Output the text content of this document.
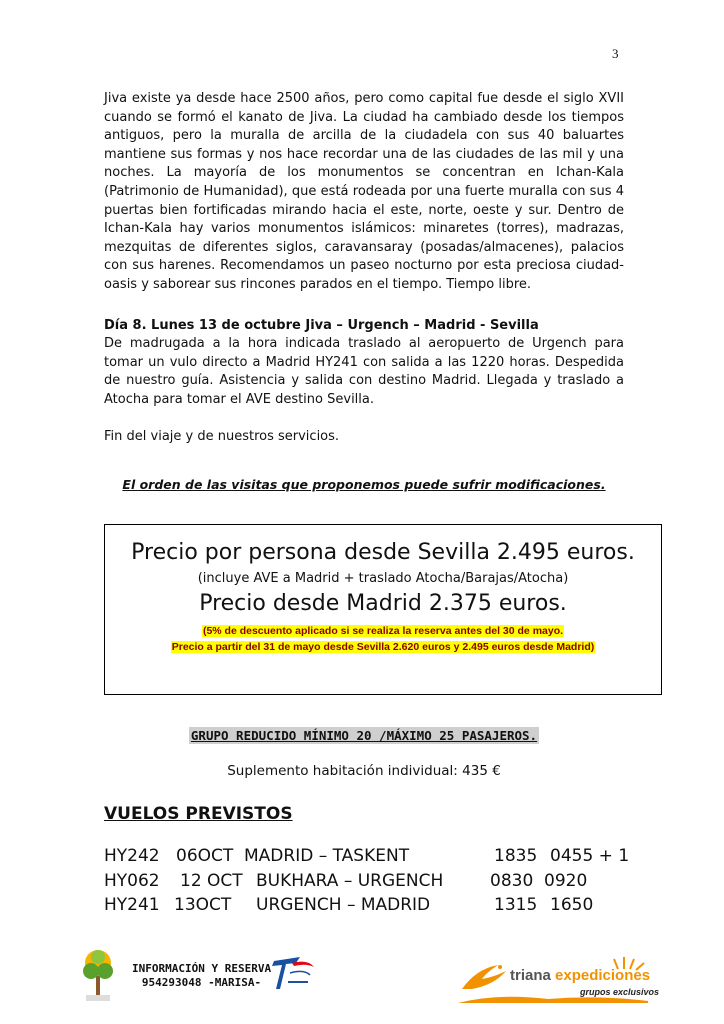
3

Jiva existe ya desde hace 2500 años, pero como capital fue desde el siglo XVII cuando se formó el kanato de Jiva. La ciudad ha cambiado desde los tiempos antiguos, pero la muralla de arcilla de la ciudadela con sus 40 baluartes mantiene sus formas y nos hace recordar una de las ciudades de las mil y una noches. La mayoría de los monumentos se concentran en Ichan-Kala (Patrimonio de Humanidad), que está rodeada por una fuerte muralla con sus 4 puertas bien fortificadas mirando hacia el este, norte, oeste y sur. Dentro de Ichan-Kala hay varios monumentos islámicos: minaretes (torres), madrazas, mezquitas de diferentes siglos, caravansaray (posadas/almacenes), palacios con sus harenes. Recomendamos un paseo nocturno por esta preciosa ciudad-oasis y saborear sus rincones parados en el tiempo. Tiempo libre.

Día 8. Lunes 13 de octubre Jiva – Urgench – Madrid - Sevilla

De madrugada a la hora indicada traslado al aeropuerto de Urgench para tomar un vulo directo a Madrid HY241 con salida a las 1220 horas. Despedida de nuestro guía. Asistencia y salida con destino Madrid. Llegada y traslado a Atocha para tomar el AVE destino Sevilla.

Fin del viaje y de nuestros servicios.

El orden de las visitas que proponemos puede sufrir modificaciones.
Precio por persona desde Sevilla 2.495 euros.
(incluye AVE a Madrid + traslado Atocha/Barajas/Atocha)
Precio desde Madrid 2.375 euros.
(5% de descuento aplicado si se realiza la reserva antes del 30 de mayo.
Precio a partir del 31 de mayo desde Sevilla 2.620 euros y 2.495 euros desde Madrid)
GRUPO REDUCIDO MÍNIMO 20 /MÁXIMO 25 PASAJEROS.
Suplemento habitación individual: 435 €
VUELOS PREVISTOS
HY242 06OCT MADRID – TASKENT	1835 0455 + 1
HY062 12 OCT BUKHARA – URGENCH	0830 0920
HY241 13OCT URGENCH – MADRID	1315 1650
INFORMACIÓN Y RESERVA
954293048 -MARISA-	triana expediciones
grupos exclusivos
